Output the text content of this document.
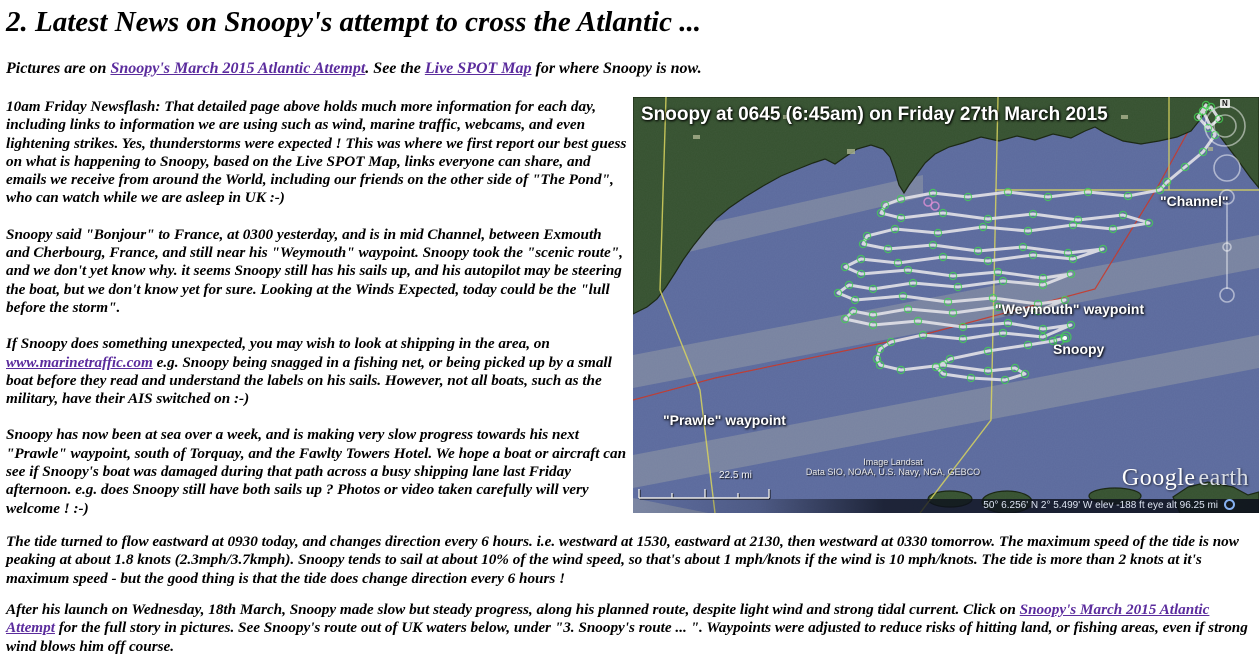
2. Latest News on Snoopy's attempt to cross the Atlantic ...
Pictures are on Snoopy's March 2015 Atlantic Attempt. See the Live SPOT Map for where Snoopy is now.

10am Friday Newsflash: That detailed page above holds much more information for each day, including links to information we are using such as wind, marine traffic, webcams, and even lightening strikes. Yes, thunderstorms were expected ! This was where we first report our best guess on what is happening to Snoopy, based on the Live SPOT Map, links everyone can share, and emails we receive from around the World, including our friends on the other side of "The Pond", who can watch while we are asleep in UK :-)

Snoopy said "Bonjour" to France, at 0300 yesterday, and is in mid Channel, between Exmouth and Cherbourg, France, and still near his "Weymouth" waypoint. Snoopy took the "scenic route", and we don't yet know why. it seems Snoopy still has his sails up, and his autopilot may be steering the boat, but we don't know yet for sure. Looking at the Winds Expected, today could be the "lull before the storm".

If Snoopy does something unexpected, you may wish to look at shipping in the area, on www.marinetraffic.com e.g. Snoopy being snagged in a fishing net, or being picked up by a small boat before they read and understand the labels on his sails. However, not all boats, such as the military, have their AIS switched on :-)

Snoopy has now been at sea over a week, and is making very slow progress towards his next "Prawle" waypoint, south of Torquay, and the Fawlty Towers Hotel. We hope a boat or aircraft can see if Snoopy's boat was damaged during that path across a busy shipping lane last Friday afternoon. e.g. does Snoopy still have both sails up ? Photos or video taken carefully will very welcome ! :-)

Snoopy at 0645 (6:45am) on Friday 27th March 2015
"Channel"
"Weymouth" waypoint
Snoopy
"Prawle" waypoint
N
22.5 mi
Image Landsat
Data SIO, NOAA, U.S. Navy, NGA, GEBCO	Google earth
50° 6.256' N 2° 5.499' W elev -188 ft eye alt 96.25 mi

The tide turned to flow eastward at 0930 today, and changes direction every 6 hours. i.e. westward at 1530, eastward at 2130, then westward at 0330 tomorrow. The maximum speed of the tide is now peaking at about 1.8 knots (2.3mph/3.7kmph). Snoopy tends to sail at about 10% of the wind speed, so that's about 1 mph/knots if the wind is 10 mph/knots. The tide is more than 2 knots at it's maximum speed - but the good thing is that the tide does change direction every 6 hours !

After his launch on Wednesday, 18th March, Snoopy made slow but steady progress, along his planned route, despite light wind and strong tidal current. Click on Snoopy's March 2015 Atlantic Attempt for the full story in pictures. See Snoopy's route out of UK waters below, under "3. Snoopy's route ... ". Waypoints were adjusted to reduce risks of hitting land, or fishing areas, even if strong wind blows him off course.
